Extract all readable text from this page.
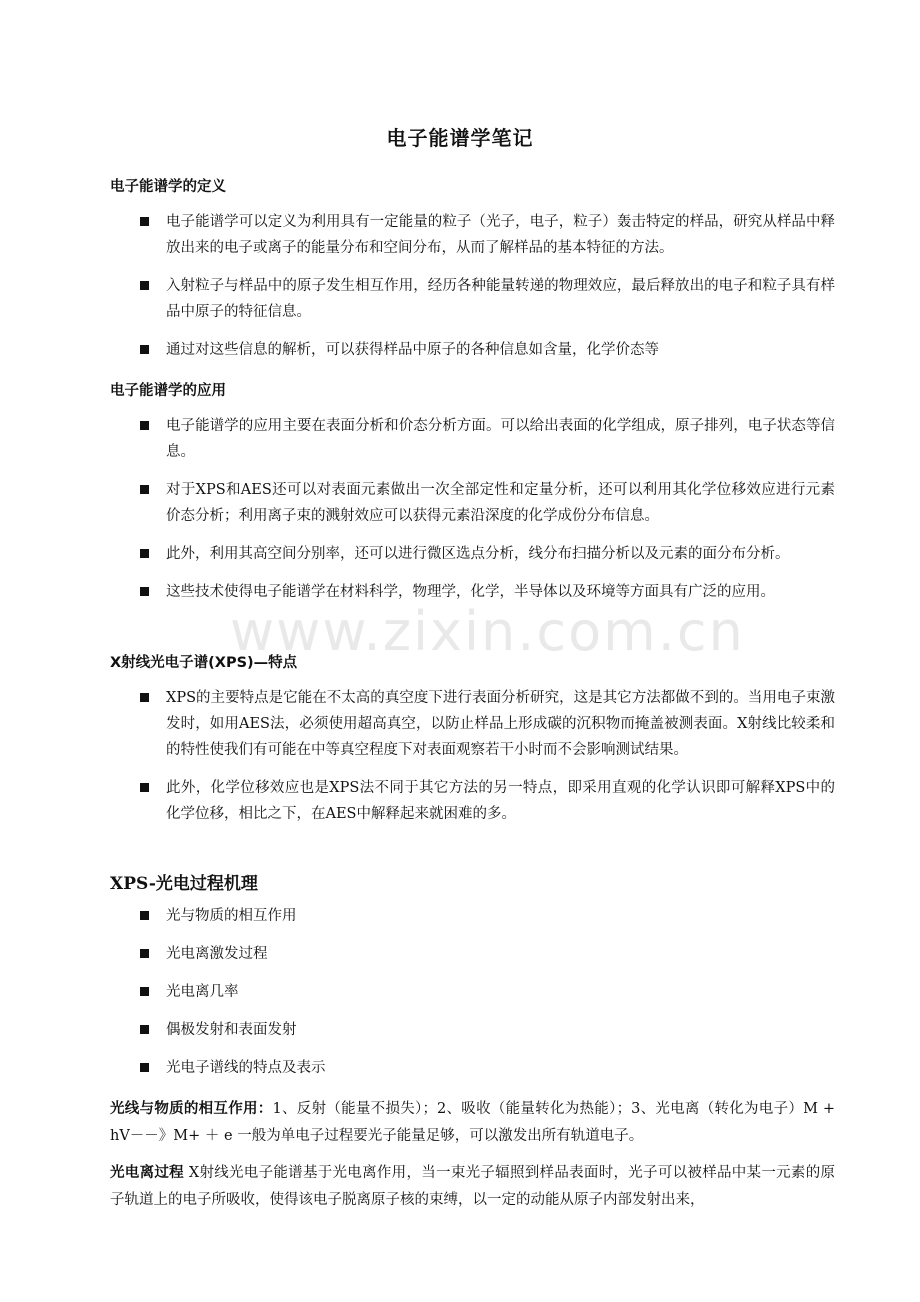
www.zixin.com.cn
电子能谱学笔记
电子能谱学的定义
电子能谱学可以定义为利用具有一定能量的粒子（光子，电子，粒子）轰击特定的样品，研究从样品中释放出来的电子或离子的能量分布和空间分布，从而了解样品的基本特征的方法。
入射粒子与样品中的原子发生相互作用，经历各种能量转递的物理效应，最后释放出的电子和粒子具有样品中原子的特征信息。
通过对这些信息的解析，可以获得样品中原子的各种信息如含量，化学价态等
电子能谱学的应用
电子能谱学的应用主要在表面分析和价态分析方面。可以给出表面的化学组成，原子排列，电子状态等信息。
对于XPS和AES还可以对表面元素做出一次全部定性和定量分析，还可以利用其化学位移效应进行元素价态分析；利用离子束的溅射效应可以获得元素沿深度的化学成份分布信息。
此外，利用其高空间分别率，还可以进行微区选点分析，线分布扫描分析以及元素的面分布分析。
这些技术使得电子能谱学在材料科学，物理学，化学，半导体以及环境等方面具有广泛的应用。
X射线光电子谱(XPS)—特点
XPS的主要特点是它能在不太高的真空度下进行表面分析研究，这是其它方法都做不到的。当用电子束激发时，如用AES法，必须使用超高真空，以防止样品上形成碳的沉积物而掩盖被测表面。X射线比较柔和的特性使我们有可能在中等真空程度下对表面观察若干小时而不会影响测试结果。
此外，化学位移效应也是XPS法不同于其它方法的另一特点，即采用直观的化学认识即可解释XPS中的化学位移，相比之下，在AES中解释起来就困难的多。
XPS-光电过程机理
光与物质的相互作用
光电离激发过程
光电离几率
偶极发射和表面发射
光电子谱线的特点及表示
光线与物质的相互作用：1、反射（能量不损失）；2、吸收（能量转化为热能）；3、光电离（转化为电子）M + hV－－》M+ ＋ e 一般为单电子过程要光子能量足够，可以激发出所有轨道电子。
光电离过程 X射线光电子能谱基于光电离作用，当一束光子辐照到样品表面时，光子可以被样品中某一元素的原子轨道上的电子所吸收，使得该电子脱离原子核的束缚，以一定的动能从原子内部发射出来，
